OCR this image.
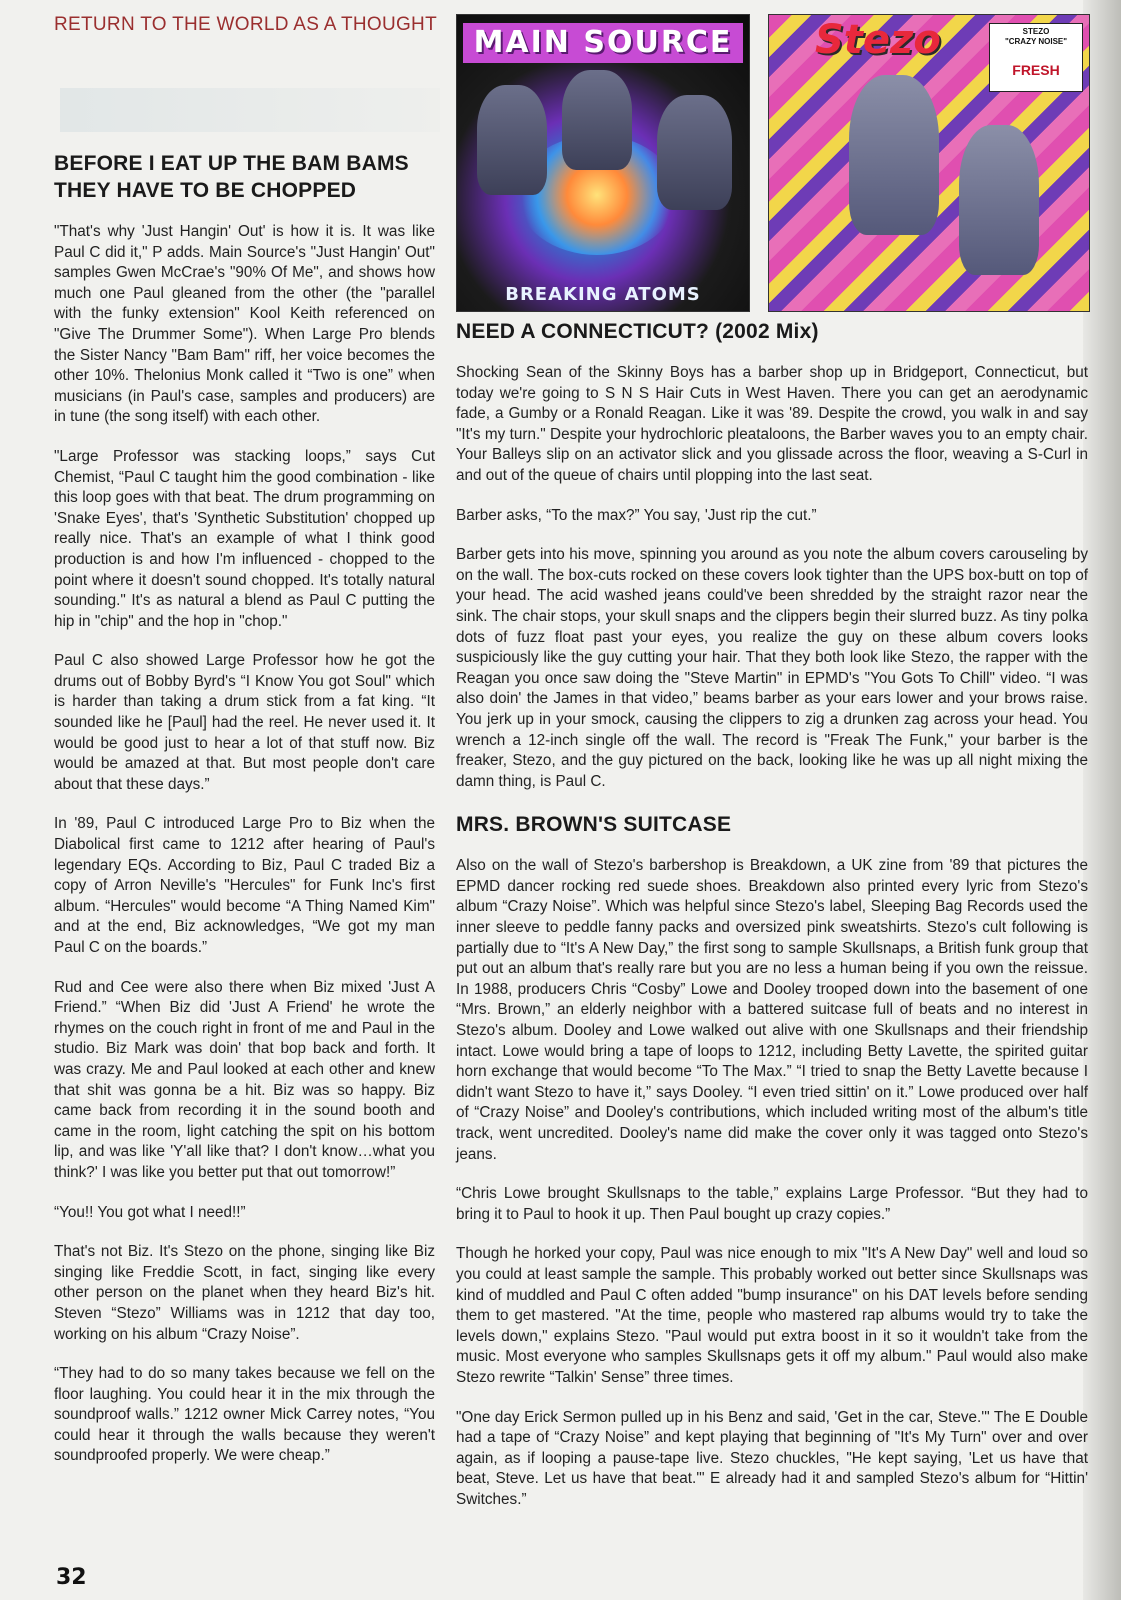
RETURN TO THE WORLD AS A THOUGHT
MAIN SOURCE
BREAKING ATOMS
Stezo	STEZO
"CRAZY NOISE"
FRESH
BEFORE I EAT UP THE BAM BAMS THEY HAVE TO BE CHOPPED

"That's why 'Just Hangin' Out' is how it is. It was like Paul C did it," P adds. Main Source's "Just Hangin' Out" samples Gwen McCrae's "90% Of Me", and shows how much one Paul gleaned from the other (the "parallel with the funky extension" Kool Keith referenced on "Give The Drummer Some"). When Large Pro blends the Sister Nancy "Bam Bam" riff, her voice becomes the other 10%. Thelonius Monk called it “Two is one” when musicians (in Paul's case, samples and producers) are in tune (the song itself) with each other.

"Large Professor was stacking loops,” says Cut Chemist, “Paul C taught him the good combination - like this loop goes with that beat. The drum programming on 'Snake Eyes', that's 'Synthetic Substitution' chopped up really nice. That's an example of what I think good production is and how I'm influenced - chopped to the point where it doesn't sound chopped. It's totally natural sounding." It's as natural a blend as Paul C putting the hip in "chip" and the hop in "chop."

Paul C also showed Large Professor how he got the drums out of Bobby Byrd's “I Know You got Soul" which is harder than taking a drum stick from a fat king. “It sounded like he [Paul] had the reel. He never used it. It would be good just to hear a lot of that stuff now. Biz would be amazed at that. But most people don't care about that these days.”

In '89, Paul C introduced Large Pro to Biz when the Diabolical first came to 1212 after hearing of Paul's legendary EQs. According to Biz, Paul C traded Biz a copy of Arron Neville's "Hercules" for Funk Inc's first album. “Hercules" would become “A Thing Named Kim" and at the end, Biz acknowledges, “We got my man Paul C on the boards.”

Rud and Cee were also there when Biz mixed 'Just A Friend.” “When Biz did 'Just A Friend' he wrote the rhymes on the couch right in front of me and Paul in the studio. Biz Mark was doin' that bop back and forth. It was crazy. Me and Paul looked at each other and knew that shit was gonna be a hit. Biz was so happy. Biz came back from recording it in the sound booth and came in the room, light catching the spit on his bottom lip, and was like 'Y'all like that? I don't know…what you think?' I was like you better put that out tomorrow!”

“You!! You got what I need!!”

That's not Biz. It's Stezo on the phone, singing like Biz singing like Freddie Scott, in fact, singing like every other person on the planet when they heard Biz's hit. Steven “Stezo” Williams was in 1212 that day too, working on his album “Crazy Noise”.

“They had to do so many takes because we fell on the floor laughing. You could hear it in the mix through the soundproof walls.” 1212 owner Mick Carrey notes, “You could hear it through the walls because they weren't soundproofed properly. We were cheap.”

NEED A CONNECTICUT? (2002 Mix)

Shocking Sean of the Skinny Boys has a barber shop up in Bridgeport, Connecticut, but today we're going to S N S Hair Cuts in West Haven. There you can get an aerodynamic fade, a Gumby or a Ronald Reagan. Like it was '89. Despite the crowd, you walk in and say "It's my turn." Despite your hydrochloric pleataloons, the Barber waves you to an empty chair. Your Balleys slip on an activator slick and you glissade across the floor, weaving a S-Curl in and out of the queue of chairs until plopping into the last seat.

Barber asks, “To the max?” You say, 'Just rip the cut.”

Barber gets into his move, spinning you around as you note the album covers carouseling by on the wall. The box-cuts rocked on these covers look tighter than the UPS box-butt on top of your head. The acid washed jeans could've been shredded by the straight razor near the sink. The chair stops, your skull snaps and the clippers begin their slurred buzz. As tiny polka dots of fuzz float past your eyes, you realize the guy on these album covers looks suspiciously like the guy cutting your hair. That they both look like Stezo, the rapper with the Reagan you once saw doing the "Steve Martin" in EPMD's "You Gots To Chill" video. “I was also doin' the James in that video,” beams barber as your ears lower and your brows raise. You jerk up in your smock, causing the clippers to zig a drunken zag across your head. You wrench a 12-inch single off the wall. The record is "Freak The Funk," your barber is the freaker, Stezo, and the guy pictured on the back, looking like he was up all night mixing the damn thing, is Paul C.

MRS. BROWN'S SUITCASE

Also on the wall of Stezo's barbershop is Breakdown, a UK zine from '89 that pictures the EPMD dancer rocking red suede shoes. Breakdown also printed every lyric from Stezo's album “Crazy Noise”. Which was helpful since Stezo's label, Sleeping Bag Records used the inner sleeve to peddle fanny packs and oversized pink sweatshirts. Stezo's cult following is partially due to “It's A New Day,” the first song to sample Skullsnaps, a British funk group that put out an album that's really rare but you are no less a human being if you own the reissue. In 1988, producers Chris “Cosby” Lowe and Dooley trooped down into the basement of one “Mrs. Brown,” an elderly neighbor with a battered suitcase full of beats and no interest in Stezo's album. Dooley and Lowe walked out alive with one Skullsnaps and their friendship intact. Lowe would bring a tape of loops to 1212, including Betty Lavette, the spirited guitar horn exchange that would become “To The Max.” “I tried to snap the Betty Lavette because I didn't want Stezo to have it,” says Dooley. “I even tried sittin' on it.” Lowe produced over half of “Crazy Noise” and Dooley's contributions, which included writing most of the album's title track, went uncredited. Dooley's name did make the cover only it was tagged onto Stezo's jeans.

“Chris Lowe brought Skullsnaps to the table,” explains Large Professor. “But they had to bring it to Paul to hook it up. Then Paul bought up crazy copies.”

Though he horked your copy, Paul was nice enough to mix "It's A New Day" well and loud so you could at least sample the sample. This probably worked out better since Skullsnaps was kind of muddled and Paul C often added "bump insurance" on his DAT levels before sending them to get mastered. "At the time, people who mastered rap albums would try to take the levels down," explains Stezo. "Paul would put extra boost in it so it wouldn't take from the music. Most everyone who samples Skullsnaps gets it off my album." Paul would also make Stezo rewrite “Talkin' Sense” three times.

"One day Erick Sermon pulled up in his Benz and said, 'Get in the car, Steve.'" The E Double had a tape of “Crazy Noise” and kept playing that beginning of "It's My Turn" over and over again, as if looping a pause-tape live. Stezo chuckles, "He kept saying, 'Let us have that beat, Steve. Let us have that beat.'" E already had it and sampled Stezo's album for “Hittin' Switches.”

32
